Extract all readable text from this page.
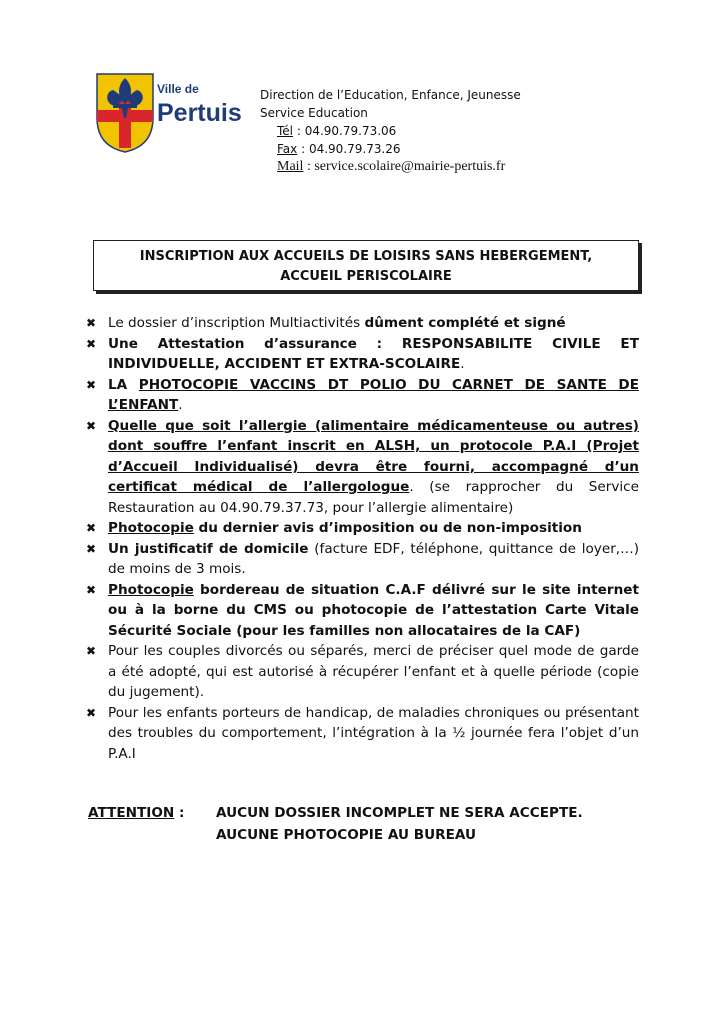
Ville de
Pertuis
Direction de l’Education, Enfance, Jeunesse
Service Education
Tél : 04.90.79.73.06
Fax : 04.90.79.73.26
Mail : service.scolaire@mairie-pertuis.fr
INSCRIPTION AUX ACCUEILS DE LOISIRS SANS HEBERGEMENT,
ACCUEIL PERISCOLAIRE
✖ Le dossier d’inscription Multiactivités dûment complété et signé
✖ Une Attestation d’assurance : RESPONSABILITE CIVILE ET INDIVIDUELLE, ACCIDENT ET EXTRA-SCOLAIRE.
✖ LA PHOTOCOPIE VACCINS DT POLIO DU CARNET DE SANTE DE L’ENFANT.
✖ Quelle que soit l’allergie (alimentaire médicamenteuse ou autres) dont souffre l’enfant inscrit en ALSH, un protocole P.A.I (Projet d’Accueil Individualisé) devra être fourni, accompagné d’un certificat médical de l’allergologue. (se rapprocher du Service Restauration au 04.90.79.37.73, pour l’allergie alimentaire)
✖ Photocopie du dernier avis d’imposition ou de non-imposition
✖ Un justificatif de domicile (facture EDF, téléphone, quittance de loyer,…) de moins de 3 mois.
✖ Photocopie bordereau de situation C.A.F délivré sur le site internet ou à la borne du CMS ou photocopie de l’attestation Carte Vitale Sécurité Sociale (pour les familles non allocataires de la CAF)
✖ Pour les couples divorcés ou séparés, merci de préciser quel mode de garde a été adopté, qui est autorisé à récupérer l’enfant et à quelle période (copie du jugement).
✖ Pour les enfants porteurs de handicap, de maladies chroniques ou présentant des troubles du comportement, l’intégration à la ½ journée fera l’objet d’un P.A.I
ATTENTION : AUCUN DOSSIER INCOMPLET NE SERA ACCEPTE.
AUCUNE PHOTOCOPIE AU BUREAU
